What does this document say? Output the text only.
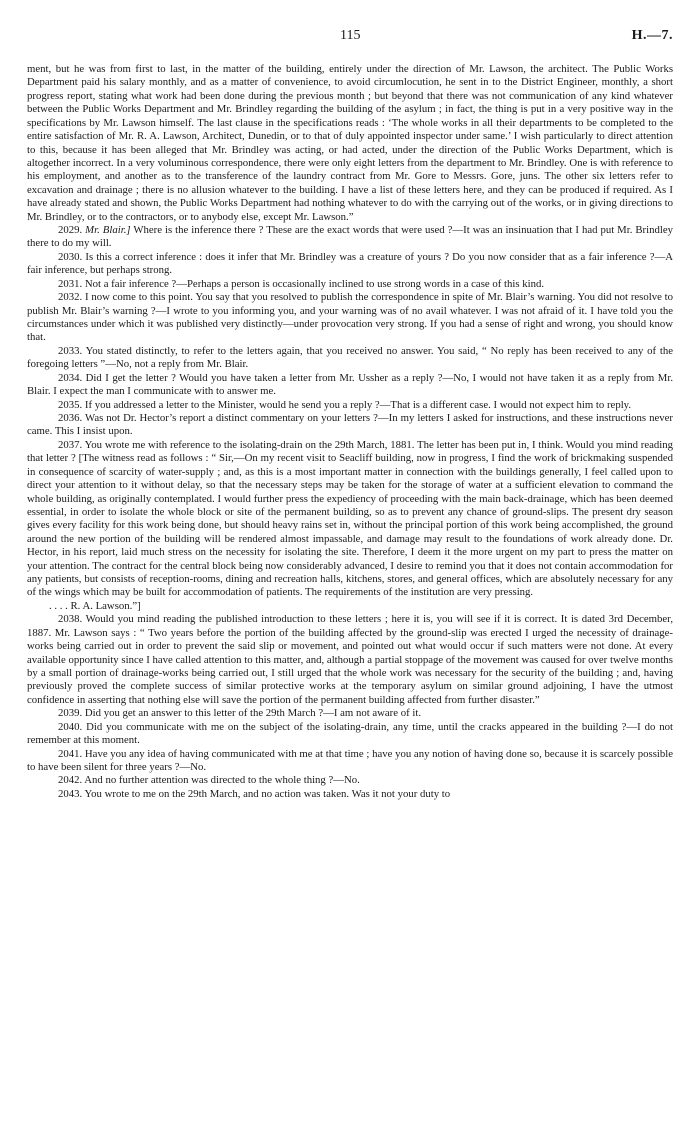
115	H.—7.

ment, but he was from first to last, in the matter of the building, entirely under the direction of Mr. Lawson, the architect. The Public Works Department paid his salary monthly, and as a matter of convenience, to avoid circumlocution, he sent in to the District Engineer, monthly, a short progress report, stating what work had been done during the previous month ; but beyond that there was not communication of any kind whatever between the Public Works Department and Mr. Brindley regarding the building of the asylum ; in fact, the thing is put in a very positive way in the specifications by Mr. Lawson himself. The last clause in the specifications reads : ‘The whole works in all their departments to be completed to the entire satisfaction of Mr. R. A. Lawson, Architect, Dunedin, or to that of duly appointed inspector under same.’ I wish particularly to direct attention to this, because it has been alleged that Mr. Brindley was acting, or had acted, under the direction of the Public Works Department, which is altogether incorrect. In a very voluminous correspondence, there were only eight letters from the department to Mr. Brindley. One is with reference to his employment, and another as to the transference of the laundry contract from Mr. Gore to Messrs. Gore, juns. The other six letters refer to excavation and drainage ; there is no allusion whatever to the building. I have a list of these letters here, and they can be produced if required. As I have already stated and shown, the Public Works Department had nothing whatever to do with the carrying out of the works, or in giving directions to Mr. Brindley, or to the contractors, or to anybody else, except Mr. Lawson.”

2029. Mr. Blair.] Where is the inference there ? These are the exact words that were used ?—It was an insinuation that I had put Mr. Brindley there to do my will.

2030. Is this a correct inference : does it infer that Mr. Brindley was a creature of yours ? Do you now consider that as a fair inference ?—A fair inference, but perhaps strong.

2031. Not a fair inference ?—Perhaps a person is occasionally inclined to use strong words in a case of this kind.

2032. I now come to this point. You say that you resolved to publish the correspondence in spite of Mr. Blair’s warning. You did not resolve to publish Mr. Blair’s warning ?—I wrote to you informing you, and your warning was of no avail whatever. I was not afraid of it. I have told you the circumstances under which it was published very distinctly—under provocation very strong. If you had a sense of right and wrong, you should know that.

2033. You stated distinctly, to refer to the letters again, that you received no answer. You said, “ No reply has been received to any of the foregoing letters ”—No, not a reply from Mr. Blair.

2034. Did I get the letter ? Would you have taken a letter from Mr. Ussher as a reply ?—No, I would not have taken it as a reply from Mr. Blair. I expect the man I communicate with to answer me.

2035. If you addressed a letter to the Minister, would he send you a reply ?—That is a different case. I would not expect him to reply.

2036. Was not Dr. Hector’s report a distinct commentary on your letters ?—In my letters I asked for instructions, and these instructions never came. This I insist upon.

2037. You wrote me with reference to the isolating-drain on the 29th March, 1881. The letter has been put in, I think. Would you mind reading that letter ? [The witness read as follows : “ Sir,—On my recent visit to Seacliff building, now in progress, I find the work of brickmaking suspended in consequence of scarcity of water-supply ; and, as this is a most important matter in connection with the buildings generally, I feel called upon to direct your attention to it without delay, so that the necessary steps may be taken for the storage of water at a sufficient elevation to command the whole building, as originally contemplated. I would further press the expediency of proceeding with the main back-drainage, which has been deemed essential, in order to isolate the whole block or site of the permanent building, so as to prevent any chance of ground-slips. The present dry season gives every facility for this work being done, but should heavy rains set in, without the principal portion of this work being accomplished, the ground around the new portion of the building will be rendered almost impassable, and damage may result to the foundations of work already done. Dr. Hector, in his report, laid much stress on the necessity for isolating the site. Therefore, I deem it the more urgent on my part to press the matter on your attention. The contract for the central block being now considerably advanced, I desire to remind you that it does not contain accommodation for any patients, but consists of reception-rooms, dining and recreation halls, kitchens, stores, and general offices, which are absolutely necessary for any of the wings which may be built for accommodation of patients. The requirements of the institution are very pressing.

. . . . R. A. Lawson.”]

2038. Would you mind reading the published introduction to these letters ; here it is, you will see if it is correct. It is dated 3rd December, 1887. Mr. Lawson says : “ Two years before the portion of the building affected by the ground-slip was erected I urged the necessity of drainage-works being carried out in order to prevent the said slip or movement, and pointed out what would occur if such matters were not done. At every available opportunity since I have called attention to this matter, and, although a partial stoppage of the movement was caused for over twelve months by a small portion of drainage-works being carried out, I still urged that the whole work was necessary for the security of the building ; and, having previously proved the complete success of similar protective works at the temporary asylum on similar ground adjoining, I have the utmost confidence in asserting that nothing else will save the portion of the permanent building affected from further disaster.”

2039. Did you get an answer to this letter of the 29th March ?—I am not aware of it.

2040. Did you communicate with me on the subject of the isolating-drain, any time, until the cracks appeared in the building ?—I do not remember at this moment.

2041. Have you any idea of having communicated with me at that time ; have you any notion of having done so, because it is scarcely possible to have been silent for three years ?—No.

2042. And no further attention was directed to the whole thing ?—No.

2043. You wrote to me on the 29th March, and no action was taken. Was it not your duty to
